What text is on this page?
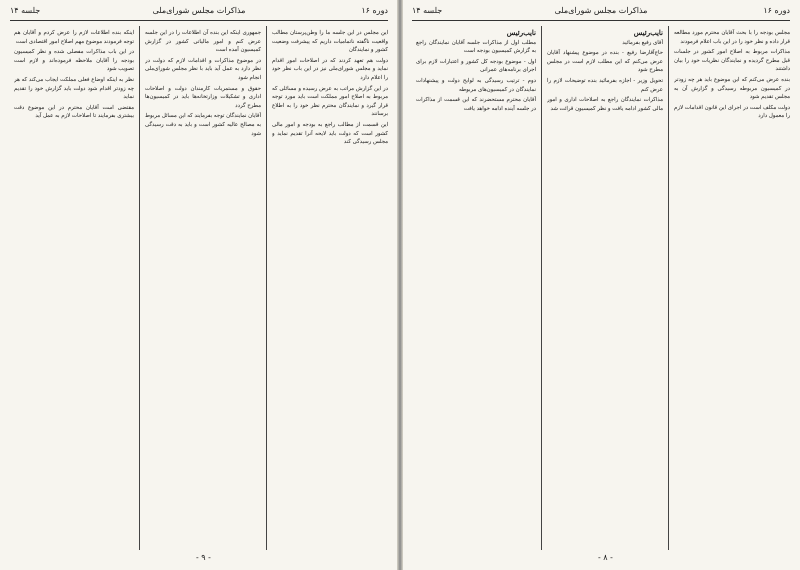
دوره ۱۶
مذاکرات مجلس شورای‌ملی
جلسه ۱۴

این مجلس در این جلسه ما را وطن‌پرستان مطالب واقعیت ناگفته ناتمامیات داریم که پیشرفت وضعیت کشور و نمایندگان

دولت هم تعهد کردند که در اصلاحات امور اقدام نماید و مجلس شورای‌ملی نیز در این باب نظر خود را اعلام دارد

در این گزارش مراتب به عرض رسیده و مسائلی که مربوط به اصلاح امور مملکت است باید مورد توجه قرار گیرد و نمایندگان محترم نظر خود را به اطلاع برسانند

این قسمت از مطالب راجع به بودجه و امور مالی کشور است که دولت باید لایحه آنرا تقدیم نماید و مجلس رسیدگی کند

جمهوری اینکه این بنده آن اطلاعات را در این جلسه عرض کنم و امور مالیاتی کشور در گزارش کمیسیون آمده است

در موضوع مذاکرات و اقدامات لازم که دولت در نظر دارد به عمل آید باید با نظر مجلس شورای‌ملی انجام شود

حقوق و مستمریات کارمندان دولت و اصلاحات اداری و تشکیلات وزارتخانه‌ها باید در کمیسیون‌ها مطرح گردد

آقایان نمایندگان توجه بفرمایند که این مسائل مربوط به مصالح عالیه کشور است و باید به دقت رسیدگی شود

اینکه بنده اطلاعات لازم را عرض کردم و آقایان هم توجه فرمودند موضوع مهم اصلاح امور اقتصادی است

در این باب مذاکرات مفصلی شده و نظر کمیسیون بودجه را آقایان ملاحظه فرموده‌اند و لازم است تصویب شود

نظر به اینکه اوضاع فعلی مملکت ایجاب می‌کند که هر چه زودتر اقدام شود دولت باید گزارش خود را تقدیم نماید

مقتضی است آقایان محترم در این موضوع دقت بیشتری بفرمایند تا اصلاحات لازم به عمل آید

- ۹ -
دوره ۱۶
مذاکرات مجلس شورای‌ملی
جلسه ۱۴

مجلس بودجه را با بحث آقایان محترم مورد مطالعه قرار داده و نظر خود را در این باب اعلام فرمودند

مذاکرات مربوط به اصلاح امور کشور در جلسات قبل مطرح گردیده و نمایندگان نظریات خود را بیان داشتند

بنده عرض می‌کنم که این موضوع باید هر چه زودتر در کمیسیون مربوطه رسیدگی و گزارش آن به مجلس تقدیم شود

دولت مکلف است در اجرای این قانون اقدامات لازم را معمول دارد

نایب‌رئیس

آقای رفیع بفرمائید

حاج‌آقارضا رفیع - بنده در موضوع پیشنهاد آقایان عرض می‌کنم که این مطلب لازم است در مجلس مطرح شود

تحویل وزیر - اجازه بفرمائید بنده توضیحات لازم را عرض کنم

مذاکرات نمایندگان راجع به اصلاحات اداری و امور مالی کشور ادامه یافت و نظر کمیسیون قرائت شد

نایب‌رئیس

مطلب اول از مذاکرات جلسه آقایان نمایندگان راجع به گزارش کمیسیون بودجه است

اول - موضوع بودجه کل کشور و اعتبارات لازم برای اجرای برنامه‌های عمرانی

دوم - ترتیب رسیدگی به لوایح دولت و پیشنهادات نمایندگان در کمیسیون‌های مربوطه

آقایان محترم مستحضرند که این قسمت از مذاکرات در جلسه آینده ادامه خواهد یافت

- ۸ -
